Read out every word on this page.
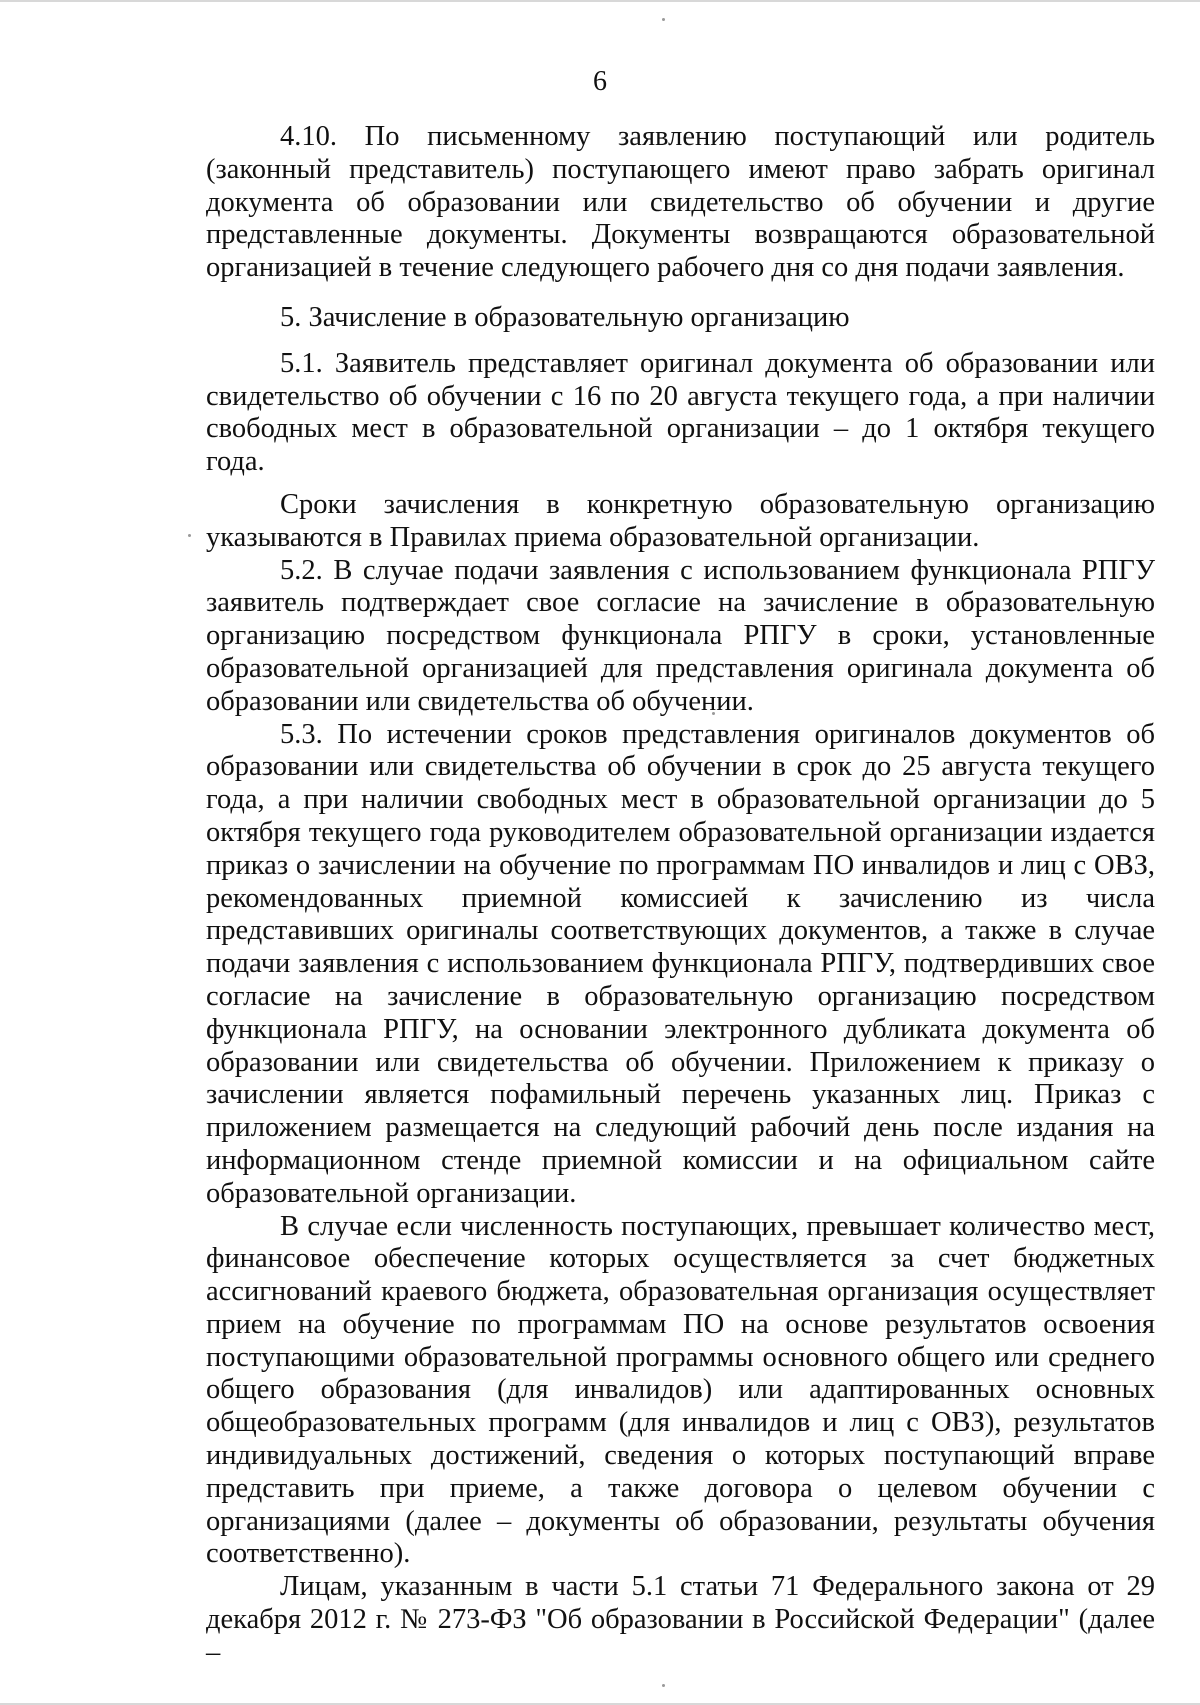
6

4.10. По письменному заявлению поступающий или родитель (законный представитель) поступающего имеют право забрать оригинал документа об образовании или свидетельство об обучении и другие представленные документы. Документы возвращаются образовательной организацией в течение следующего рабочего дня со дня подачи заявления.

5. Зачисление в образовательную организацию

5.1. Заявитель представляет оригинал документа об образовании или свидетельство об обучении с 16 по 20 августа текущего года, а при наличии свободных мест в образовательной организации – до 1 октября текущего года.

Сроки зачисления в конкретную образовательную организацию указываются в Правилах приема образовательной организации.

5.2. В случае подачи заявления с использованием функционала РПГУ заявитель подтверждает свое согласие на зачисление в образовательную организацию посредством функционала РПГУ в сроки, установленные образовательной организацией для представления оригинала документа об образовании или свидетельства об обучении.

5.3. По истечении сроков представления оригиналов документов об образовании или свидетельства об обучении в срок до 25 августа текущего года, а при наличии свободных мест в образовательной организации до 5 октября текущего года руководителем образовательной организации издается приказ о зачислении на обучение по программам ПО инвалидов и лиц с ОВЗ, рекомендованных приемной комиссией к зачислению из числа представивших оригиналы соответствующих документов, а также в случае подачи заявления с использованием функционала РПГУ, подтвердивших свое согласие на зачисление в образовательную организацию посредством функционала РПГУ, на основании электронного дубликата документа об образовании или свидетельства об обучении. Приложением к приказу о зачислении является пофамильный перечень указанных лиц. Приказ с приложением размещается на следующий рабочий день после издания на информационном стенде приемной комиссии и на официальном сайте образовательной организации.

В случае если численность поступающих, превышает количество мест, финансовое обеспечение которых осуществляется за счет бюджетных ассигнований краевого бюджета, образовательная организация осуществляет прием на обучение по программам ПО на основе результатов освоения поступающими образовательной программы основного общего или среднего общего образования (для инвалидов) или адаптированных основных общеобразовательных программ (для инвалидов и лиц с ОВЗ), результатов индивидуальных достижений, сведения о которых поступающий вправе представить при приеме, а также договора о целевом обучении с организациями (далее – документы об образовании, результаты обучения соответственно).

Лицам, указанным в части 5.1 статьи 71 Федерального закона от 29 декабря 2012 г. № 273-ФЗ "Об образовании в Российской Федерации" (далее –
